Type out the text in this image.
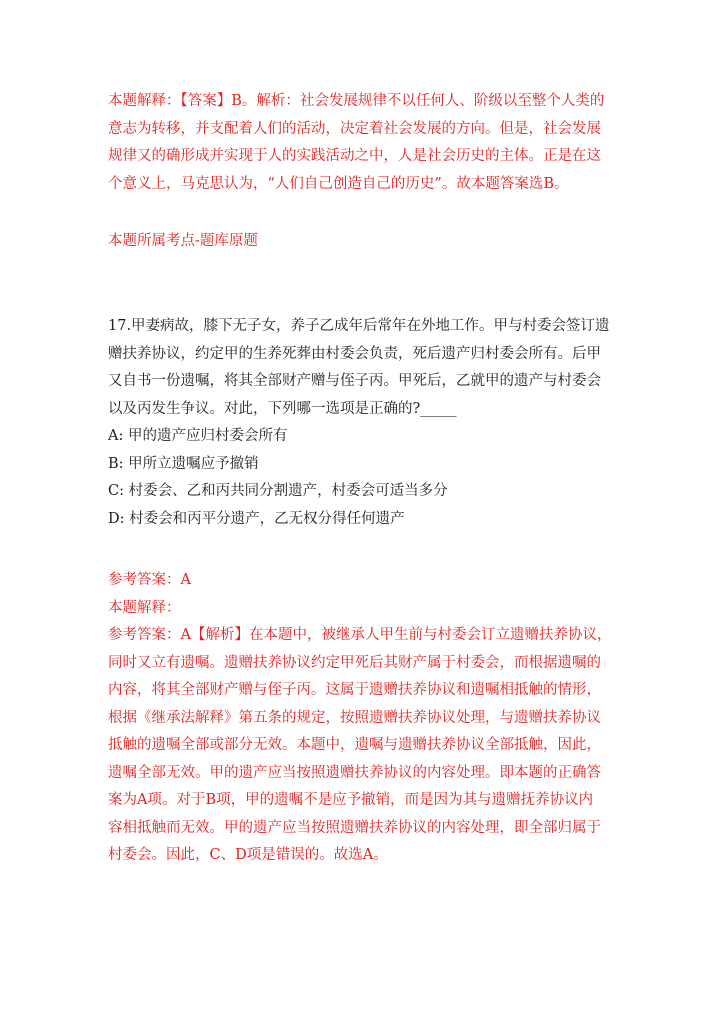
本题解释：【答案】B。解析：社会发展规律不以任何人、阶级以至整个人类的
意志为转移，并支配着人们的活动，决定着社会发展的方向。但是，社会发展
规律又的确形成并实现于人的实践活动之中，人是社会历史的主体。正是在这
个意义上，马克思认为，“人们自己创造自己的历史”。故本题答案选B。
本题所属考点-题库原题
17.甲妻病故，膝下无子女，养子乙成年后常年在外地工作。甲与村委会签订遗
赠扶养协议，约定甲的生养死葬由村委会负责，死后遗产归村委会所有。后甲
又自书一份遗嘱，将其全部财产赠与侄子丙。甲死后，乙就甲的遗产与村委会
以及丙发生争议。对此，下列哪一选项是正确的?_____
A: 甲的遗产应归村委会所有
B: 甲所立遗嘱应予撤销
C: 村委会、乙和丙共同分割遗产，村委会可适当多分
D: 村委会和丙平分遗产，乙无权分得任何遗产
参考答案：A
本题解释：
参考答案：A【解析】在本题中，被继承人甲生前与村委会订立遗赠扶养协议，
同时又立有遗嘱。遗赠扶养协议约定甲死后其财产属于村委会，而根据遗嘱的
内容，将其全部财产赠与侄子丙。这属于遗赠扶养协议和遗嘱相抵触的情形，
根据《继承法解释》第五条的规定，按照遗赠扶养协议处理，与遗赠扶养协议
抵触的遗嘱全部或部分无效。本题中，遗嘱与遗赠扶养协议全部抵触，因此，
遗嘱全部无效。甲的遗产应当按照遗赠扶养协议的内容处理。即本题的正确答
案为A项。对于B项，甲的遗嘱不是应予撤销，而是因为其与遗赠抚养协议内
容相抵触而无效。甲的遗产应当按照遗赠扶养协议的内容处理，即全部归属于
村委会。因此，C、D项是错误的。故选A。
